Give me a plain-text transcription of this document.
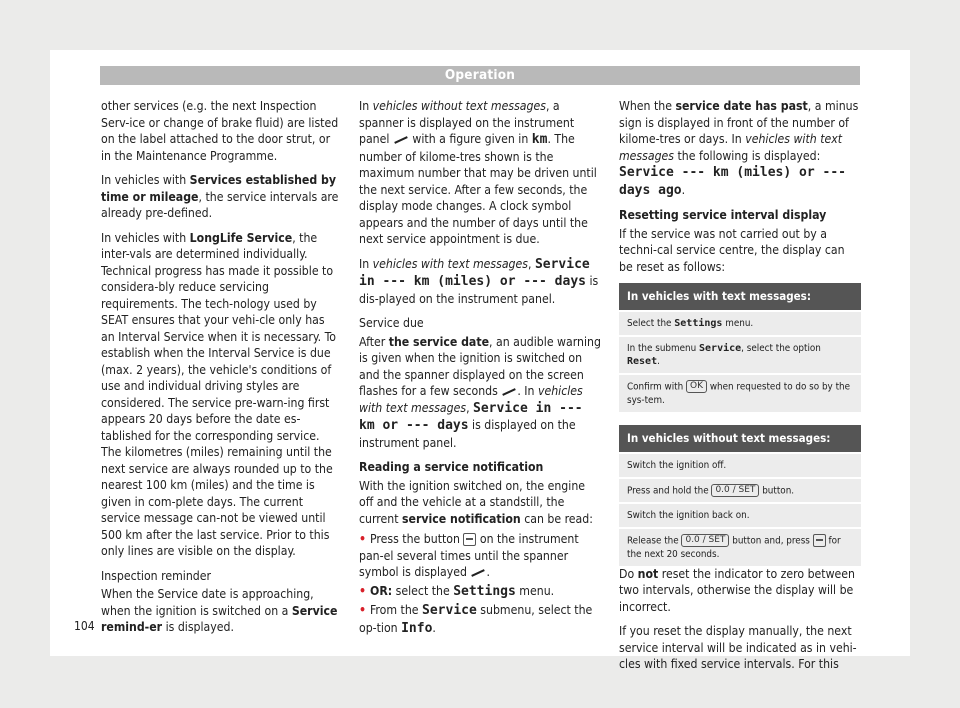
Operation

other services (e.g. the next Inspection Serv-ice or change of brake fluid) are listed on the label attached to the door strut, or in the Maintenance Programme.

In vehicles with Services established by time or mileage, the service intervals are already pre-defined.

In vehicles with LongLife Service, the inter-vals are determined individually. Technical progress has made it possible to considera-bly reduce servicing requirements. The tech-nology used by SEAT ensures that your vehi-cle only has an Interval Service when it is necessary. To establish when the Interval Service is due (max. 2 years), the vehicle's conditions of use and individual driving styles are considered. The service pre-warn-ing first appears 20 days before the date es-tablished for the corresponding service. The kilometres (miles) remaining until the next service are always rounded up to the nearest 100 km (miles) and the time is given in com-plete days. The current service message can-not be viewed until 500 km after the last service. Prior to this only lines are visible on the display.

Inspection reminder

When the Service date is approaching, when the ignition is switched on a Service remind-er is displayed.

In vehicles without text messages, a spanner is displayed on the instrument panel  with a figure given in km. The number of kilome-tres shown is the maximum number that may be driven until the next service. After a few seconds, the display mode changes. A clock symbol appears and the number of days until the next service appointment is due.

In vehicles with text messages, Service in --- km (miles) or --- days is dis-played on the instrument panel.

Service due

After the service date, an audible warning is given when the ignition is switched on and the spanner displayed on the screen flashes for a few seconds . In vehicles with text messages, Service in --- km or --- days is displayed on the instrument panel.

Reading a service notification

With the ignition switched on, the engine off and the vehicle at a standstill, the current service notification can be read:

• Press the button  on the instrument pan-el several times until the spanner symbol is displayed .
• OR: select the Settings menu.
• From the Service submenu, select the op-tion Info.

When the service date has past, a minus sign is displayed in front of the number of kilome-tres or days. In vehicles with text messages the following is displayed: Service --- km (miles) or --- days ago.

Resetting service interval display

If the service was not carried out by a techni-cal service centre, the display can be reset as follows:

In vehicles with text messages:
Select the Settings menu.
In the submenu Service, select the option Reset.
Confirm with OK when requested to do so by the sys-tem.
In vehicles without text messages:
Switch the ignition off.
Press and hold the 0.0 / SET button.
Switch the ignition back on.
Release the 0.0 / SET button and, press  for the next 20 seconds.

Do not reset the indicator to zero between two intervals, otherwise the display will be incorrect.

If you reset the display manually, the next service interval will be indicated as in vehi-cles with fixed service intervals. For this

104
